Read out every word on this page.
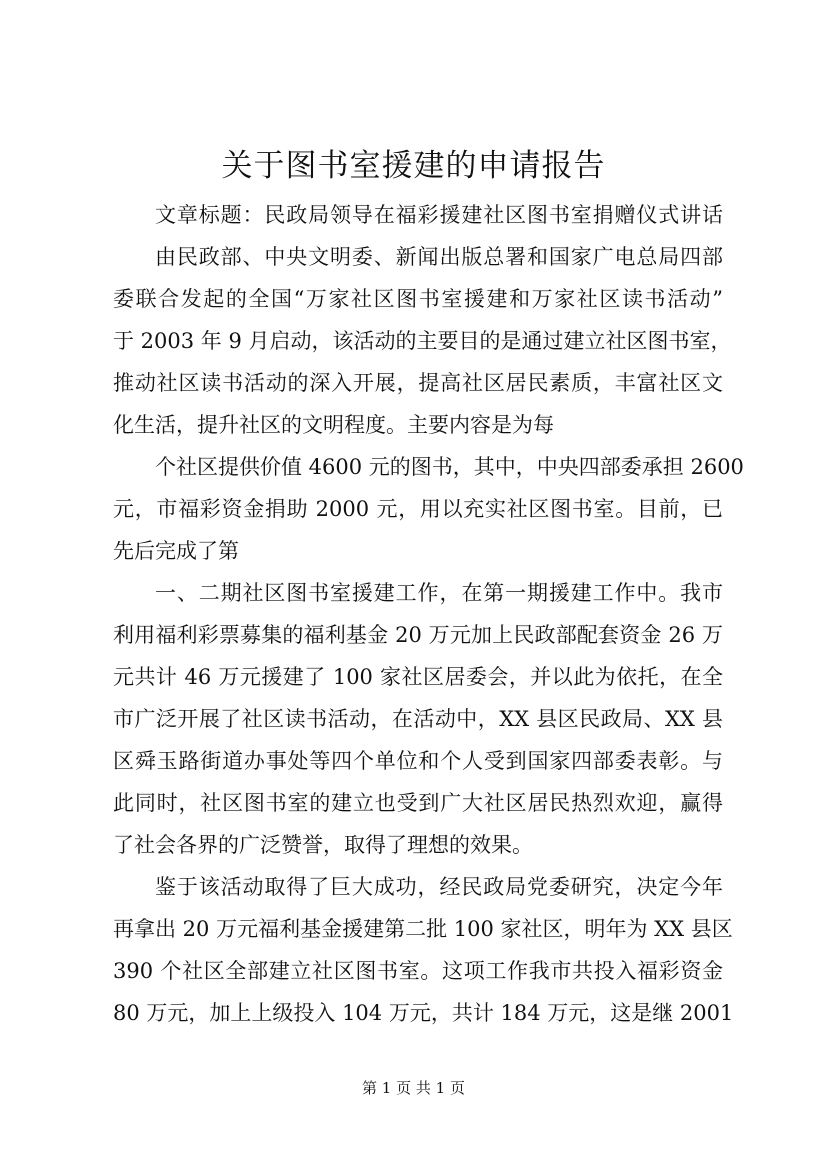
关于图书室援建的申请报告

文章标题：民政局领导在福彩援建社区图书室捐赠仪式讲话

由民政部、中央文明委、新闻出版总署和国家广电总局四部

委联合发起的全国“万家社区图书室援建和万家社区读书活动”

于 2003 年 9 月启动，该活动的主要目的是通过建立社区图书室，

推动社区读书活动的深入开展，提高社区居民素质，丰富社区文

化生活，提升社区的文明程度。主要内容是为每

个社区提供价值 4600 元的图书，其中，中央四部委承担 2600

元，市福彩资金捐助 2000 元，用以充实社区图书室。目前，已

先后完成了第

一、二期社区图书室援建工作，在第一期援建工作中。我市

利用福利彩票募集的福利基金 20 万元加上民政部配套资金 26 万

元共计 46 万元援建了 100 家社区居委会，并以此为依托，在全

市广泛开展了社区读书活动，在活动中，XX 县区民政局、XX 县

区舜玉路街道办事处等四个单位和个人受到国家四部委表彰。与

此同时，社区图书室的建立也受到广大社区居民热烈欢迎，赢得

了社会各界的广泛赞誉，取得了理想的效果。

鉴于该活动取得了巨大成功，经民政局党委研究，决定今年

再拿出 20 万元福利基金援建第二批 100 家社区，明年为 XX 县区

390 个社区全部建立社区图书室。这项工作我市共投入福彩资金

80 万元，加上上级投入 104 万元，共计 184 万元，这是继 2001

第 1 页 共 1 页
